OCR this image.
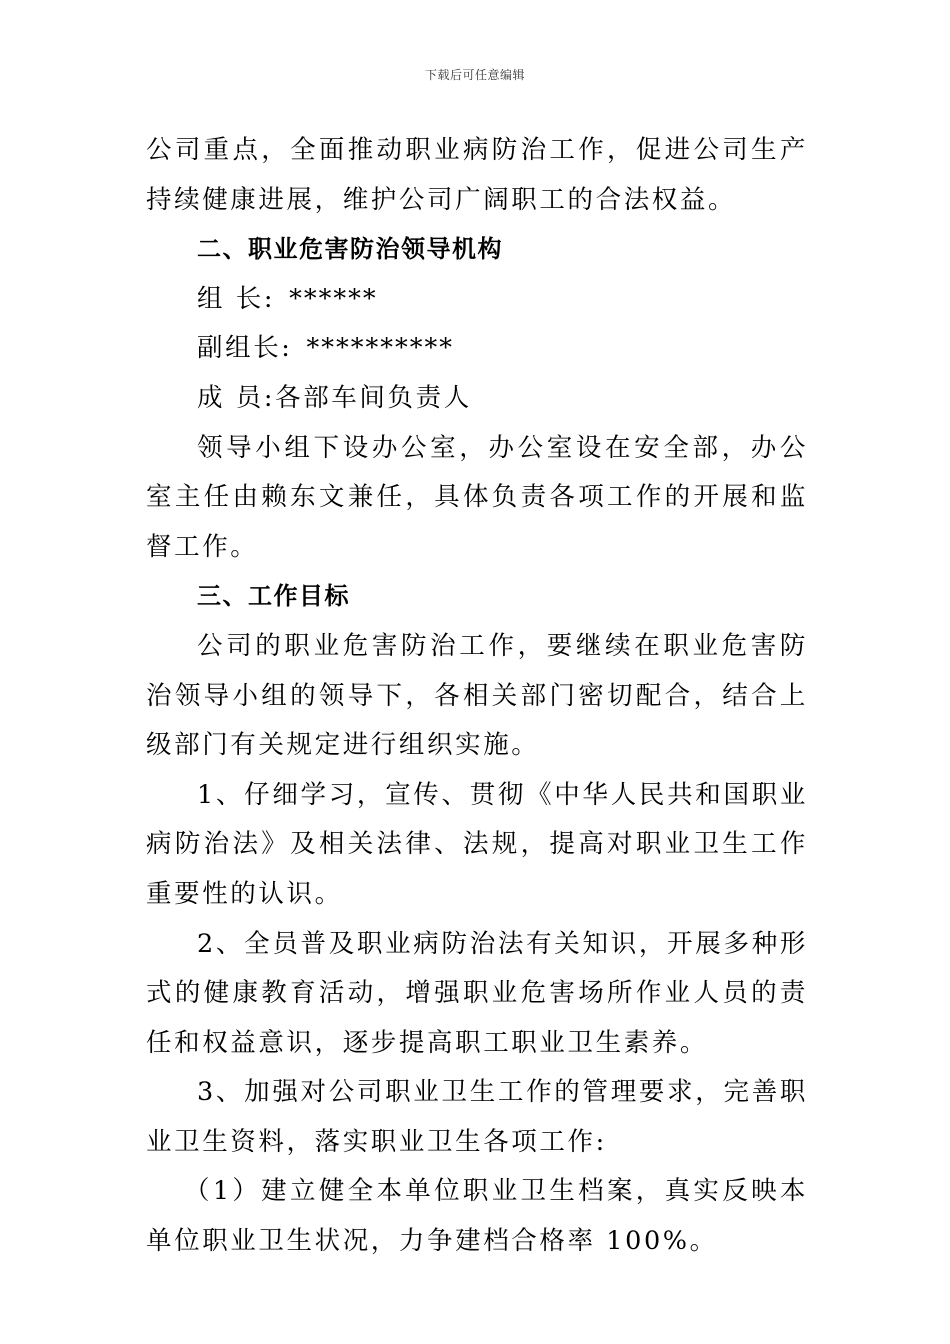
下载后可任意编辑

公司重点，全面推动职业病防治工作，促进公司生产持续健康进展，维护公司广阔职工的合法权益。

二、职业危害防治领导机构

组 长: ******

副组长: **********

成 员:各部车间负责人

领导小组下设办公室，办公室设在安全部，办公室主任由赖东文兼任，具体负责各项工作的开展和监督工作。

三、工作目标

公司的职业危害防治工作，要继续在职业危害防治领导小组的领导下，各相关部门密切配合，结合上级部门有关规定进行组织实施。

1、仔细学习，宣传、贯彻《中华人民共和国职业病防治法》及相关法律、法规，提高对职业卫生工作重要性的认识。

2、全员普及职业病防治法有关知识，开展多种形式的健康教育活动，增强职业危害场所作业人员的责任和权益意识，逐步提高职工职业卫生素养。

3、加强对公司职业卫生工作的管理要求，完善职业卫生资料，落实职业卫生各项工作:

（1）建立健全本单位职业卫生档案，真实反映本单位职业卫生状况，力争建档合格率 100%。
